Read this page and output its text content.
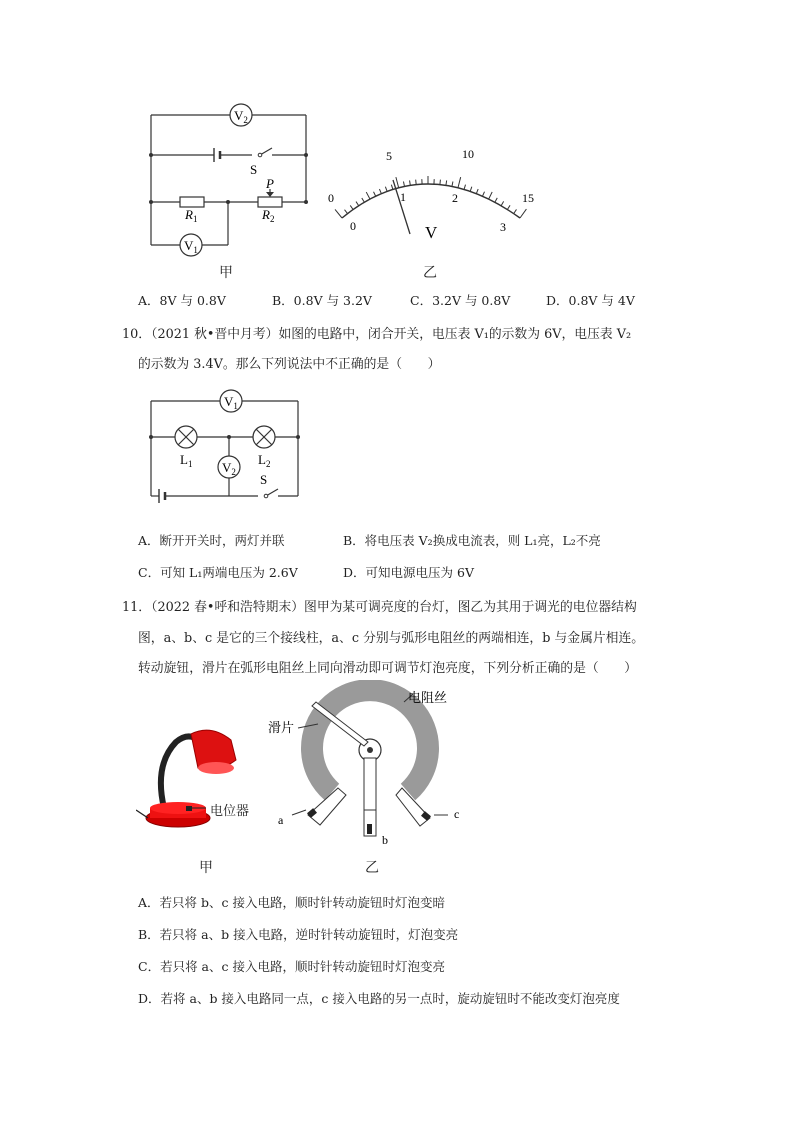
$V_2$
$V_1$
S
P
$R_1$	$R_2$
0
5	10
15
0
1	2
3
V
甲	乙
A．8V 与 0.8V	B．0.8V 与 3.2V	C．3.2V 与 0.8V	D．0.8V 与 4V
10．（2021 秋•晋中月考）如图的电路中，闭合开关，电压表 V₁的示数为 6V，电压表 V₂
的示数为 3.4V。那么下列说法中不正确的是（　　）
$V_1$
$V_2$
$L_1$	$L_2$
S
A．断开开关时，两灯并联	B．将电压表 V₂换成电流表，则 L₁亮，L₂不亮
C．可知 L₁两端电压为 2.6V	D．可知电源电压为 6V
11．（2022 春•呼和浩特期末）图甲为某可调亮度的台灯，图乙为其用于调光的电位器结构
图，a、b、c 是它的三个接线柱，a、c 分别与弧形电阻丝的两端相连，b 与金属片相连。
转动旋钮，滑片在弧形电阻丝上同向滑动即可调节灯泡亮度，下列分析正确的是（　　）
电位器
电阻丝
滑片
a
b
c
甲	乙
A．若只将 b、c 接入电路，顺时针转动旋钮时灯泡变暗
B．若只将 a、b 接入电路，逆时针转动旋钮时，灯泡变亮
C．若只将 a、c 接入电路，顺时针转动旋钮时灯泡变亮
D．若将 a、b 接入电路同一点，c 接入电路的另一点时，旋动旋钮时不能改变灯泡亮度
